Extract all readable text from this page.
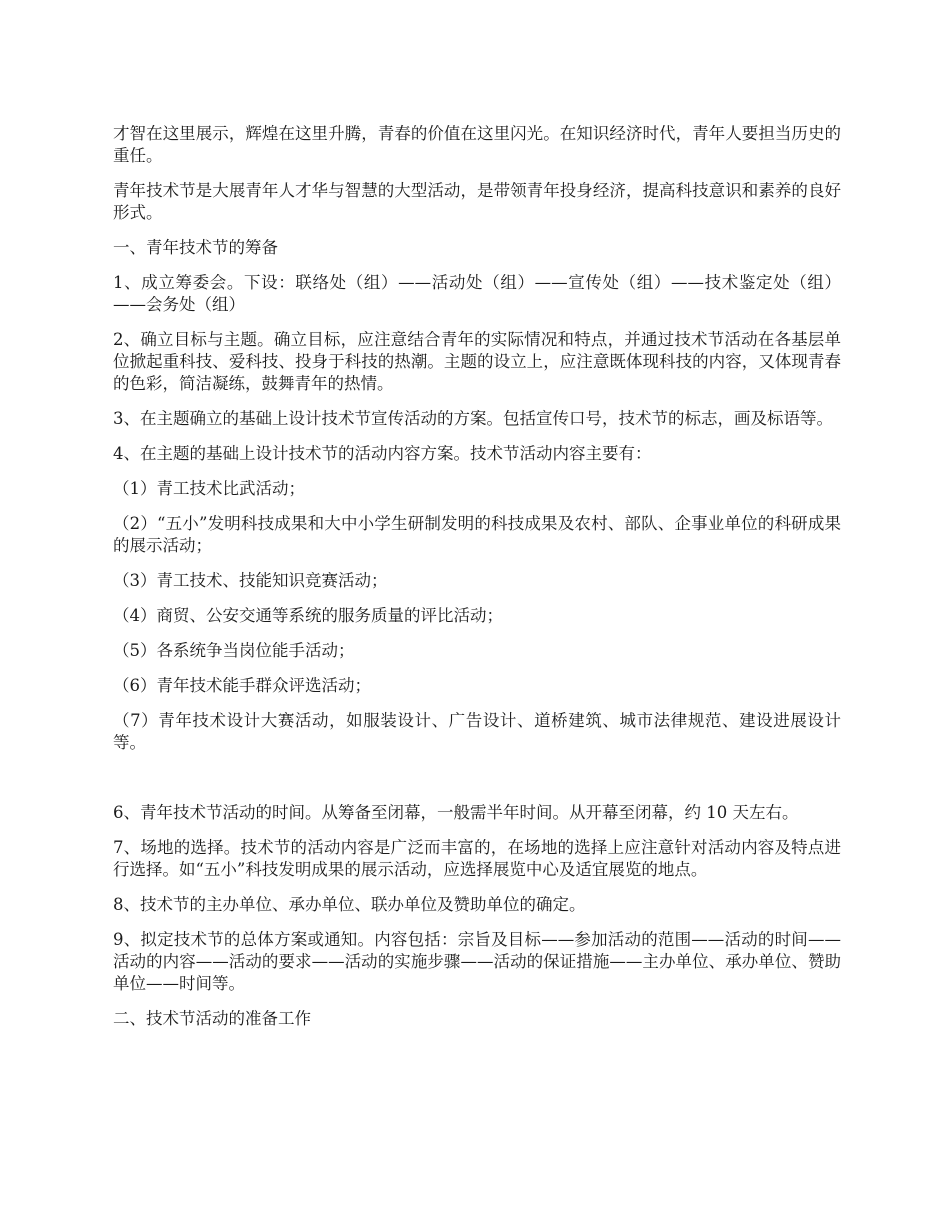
才智在这里展示，辉煌在这里升腾，青春的价值在这里闪光。在知识经济时代，青年人要担当历史的重任。

青年技术节是大展青年人才华与智慧的大型活动，是带领青年投身经济，提高科技意识和素养的良好形式。

一、青年技术节的筹备

1、成立筹委会。下设：联络处（组）——活动处（组）——宣传处（组）——技术鉴定处（组）——会务处（组）

2、确立目标与主题。确立目标，应注意结合青年的实际情况和特点，并通过技术节活动在各基层单位掀起重科技、爱科技、投身于科技的热潮。主题的设立上，应注意既体现科技的内容，又体现青春的色彩，简洁凝练，鼓舞青年的热情。

3、在主题确立的基础上设计技术节宣传活动的方案。包括宣传口号，技术节的标志，画及标语等。

4、在主题的基础上设计技术节的活动内容方案。技术节活动内容主要有：

（1）青工技术比武活动；

（2）“五小”发明科技成果和大中小学生研制发明的科技成果及农村、部队、企事业单位的科研成果的展示活动；

（3）青工技术、技能知识竞赛活动；

（4）商贸、公安交通等系统的服务质量的评比活动；

（5）各系统争当岗位能手活动；

（6）青年技术能手群众评选活动；

（7）青年技术设计大赛活动，如服装设计、广告设计、道桥建筑、城市法律规范、建设进展设计等。

6、青年技术节活动的时间。从筹备至闭幕，一般需半年时间。从开幕至闭幕，约 10 天左右。

7、场地的选择。技术节的活动内容是广泛而丰富的，在场地的选择上应注意针对活动内容及特点进行选择。如“五小”科技发明成果的展示活动，应选择展览中心及适宜展览的地点。

8、技术节的主办单位、承办单位、联办单位及赞助单位的确定。

9、拟定技术节的总体方案或通知。内容包括：宗旨及目标——参加活动的范围——活动的时间——活动的内容——活动的要求——活动的实施步骤——活动的保证措施——主办单位、承办单位、赞助单位——时间等。

二、技术节活动的准备工作
